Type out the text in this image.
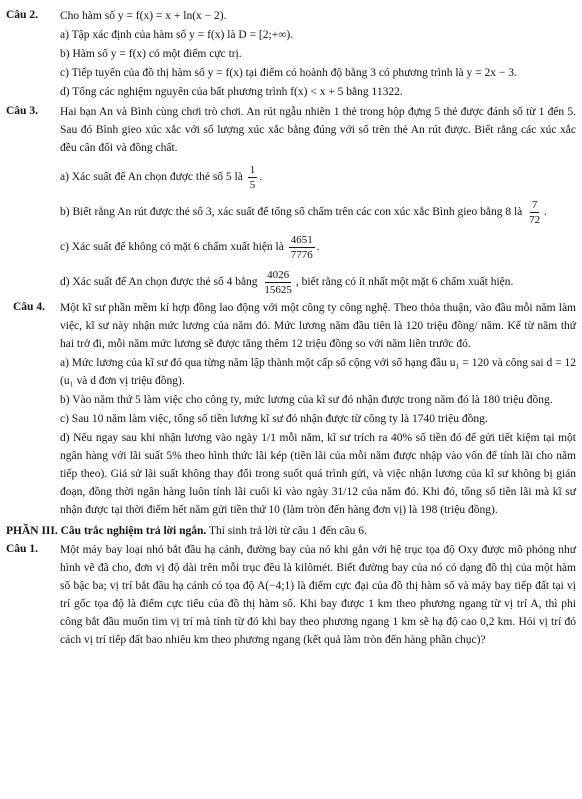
Câu 2.	Cho hàm số y = f(x) = x + ln(x − 2).
a) Tập xác định của hàm số y = f(x) là D = [2;+∞).
b) Hàm số y = f(x) có một điểm cực trị.
c) Tiếp tuyến của đồ thị hàm số y = f(x) tại điểm có hoành độ bằng 3 có phương trình là y = 2x − 3.
d) Tổng các nghiệm nguyên của bất phương trình f(x) < x + 5 bằng 11322.
Câu 3.	Hai bạn An và Bình cùng chơi trò chơi. An rút ngẫu nhiên 1 thẻ trong hộp đựng 5 thẻ được đánh số từ 1 đến 5. Sau đó Bình gieo xúc xắc với số lượng xúc xắc bằng đúng với số trên thẻ An rút được. Biết rằng các xúc xắc đều cân đối và đồng chất.
a) Xác suất để An chọn được thẻ số 5 là $\frac{1}{5}$ .
b) Biết rằng An rút được thẻ số 3, xác suất để tổng số chấm trên các con xúc xắc Bình gieo bằng 8 là $\frac{7}{72}$ .
c) Xác suất để không có mặt 6 chấm xuất hiện là $\frac{4651}{7776}$ .
d) Xác suất để An chọn được thẻ số 4 bằng $\frac{4026}{15625}$ , biết rằng có ít nhất một mặt 6 chấm xuất hiện.
Câu 4.	Một kĩ sư phần mềm kí hợp đồng lao động với một công ty công nghệ. Theo thỏa thuận, vào đầu mỗi năm làm việc, kĩ sư này nhận mức lương của năm đó. Mức lương năm đầu tiên là 120 triệu đồng/ năm. Kể từ năm thứ hai trở đi, mỗi năm mức lương sẽ được tăng thêm 12 triệu đồng so với năm liền trước đó.
a) Mức lương của kĩ sư đó qua từng năm lập thành một cấp số cộng với số hạng đầu u₁ = 120 và công sai d = 12 (u₁ và d đơn vị triệu đồng).
b) Vào năm thứ 5 làm việc cho công ty, mức lương của kĩ sư đó nhận được trong năm đó là 180 triệu đồng.
c) Sau 10 năm làm việc, tổng số tiền lương kĩ sư đó nhận được từ công ty là 1740 triệu đồng.
d) Nếu ngay sau khi nhận lương vào ngày 1/1 mỗi năm, kĩ sư trích ra 40% số tiền đó để gửi tiết kiệm tại một ngân hàng với lãi suất 5% theo hình thức lãi kép (tiền lãi của mỗi năm được nhập vào vốn để tính lãi cho năm tiếp theo). Giả sử lãi suất không thay đổi trong suốt quá trình gửi, và việc nhận lương của kĩ sư không bị gián đoạn, đồng thời ngân hàng luôn tính lãi cuối kì vào ngày 31/12 của năm đó. Khi đó, tổng số tiền lãi mà kĩ sư nhận được tại thời điểm hết năm gửi tiền thứ 10 (làm tròn đến hàng đơn vị) là 198 (triệu đồng).
PHẦN III. Câu trắc nghiệm trả lời ngắn. Thí sinh trả lời từ câu 1 đến câu 6.
Câu 1.	Một máy bay loại nhỏ bắt đầu hạ cánh, đường bay của nó khi gắn với hệ trục tọa độ Oxy được mô phỏng như hình vẽ đã cho, đơn vị độ dài trên mỗi trục đều là kilômét. Biết đường bay của nó có dạng đồ thị của một hàm số bậc ba; vị trí bắt đầu hạ cánh có tọa độ A(−4;1) là điểm cực đại của đồ thị hàm số và máy bay tiếp đất tại vị trí gốc tọa độ là điểm cực tiểu của đồ thị hàm số. Khi bay được 1 km theo phương ngang từ vị trí A, thì phi công bắt đầu muốn tìm vị trí mà tính từ đó khi bay theo phương ngang 1 km sẽ hạ độ cao 0,2 km. Hỏi vị trí đó cách vị trí tiếp đất bao nhiêu km theo phương ngang (kết quả làm tròn đến hàng phần chục)?
